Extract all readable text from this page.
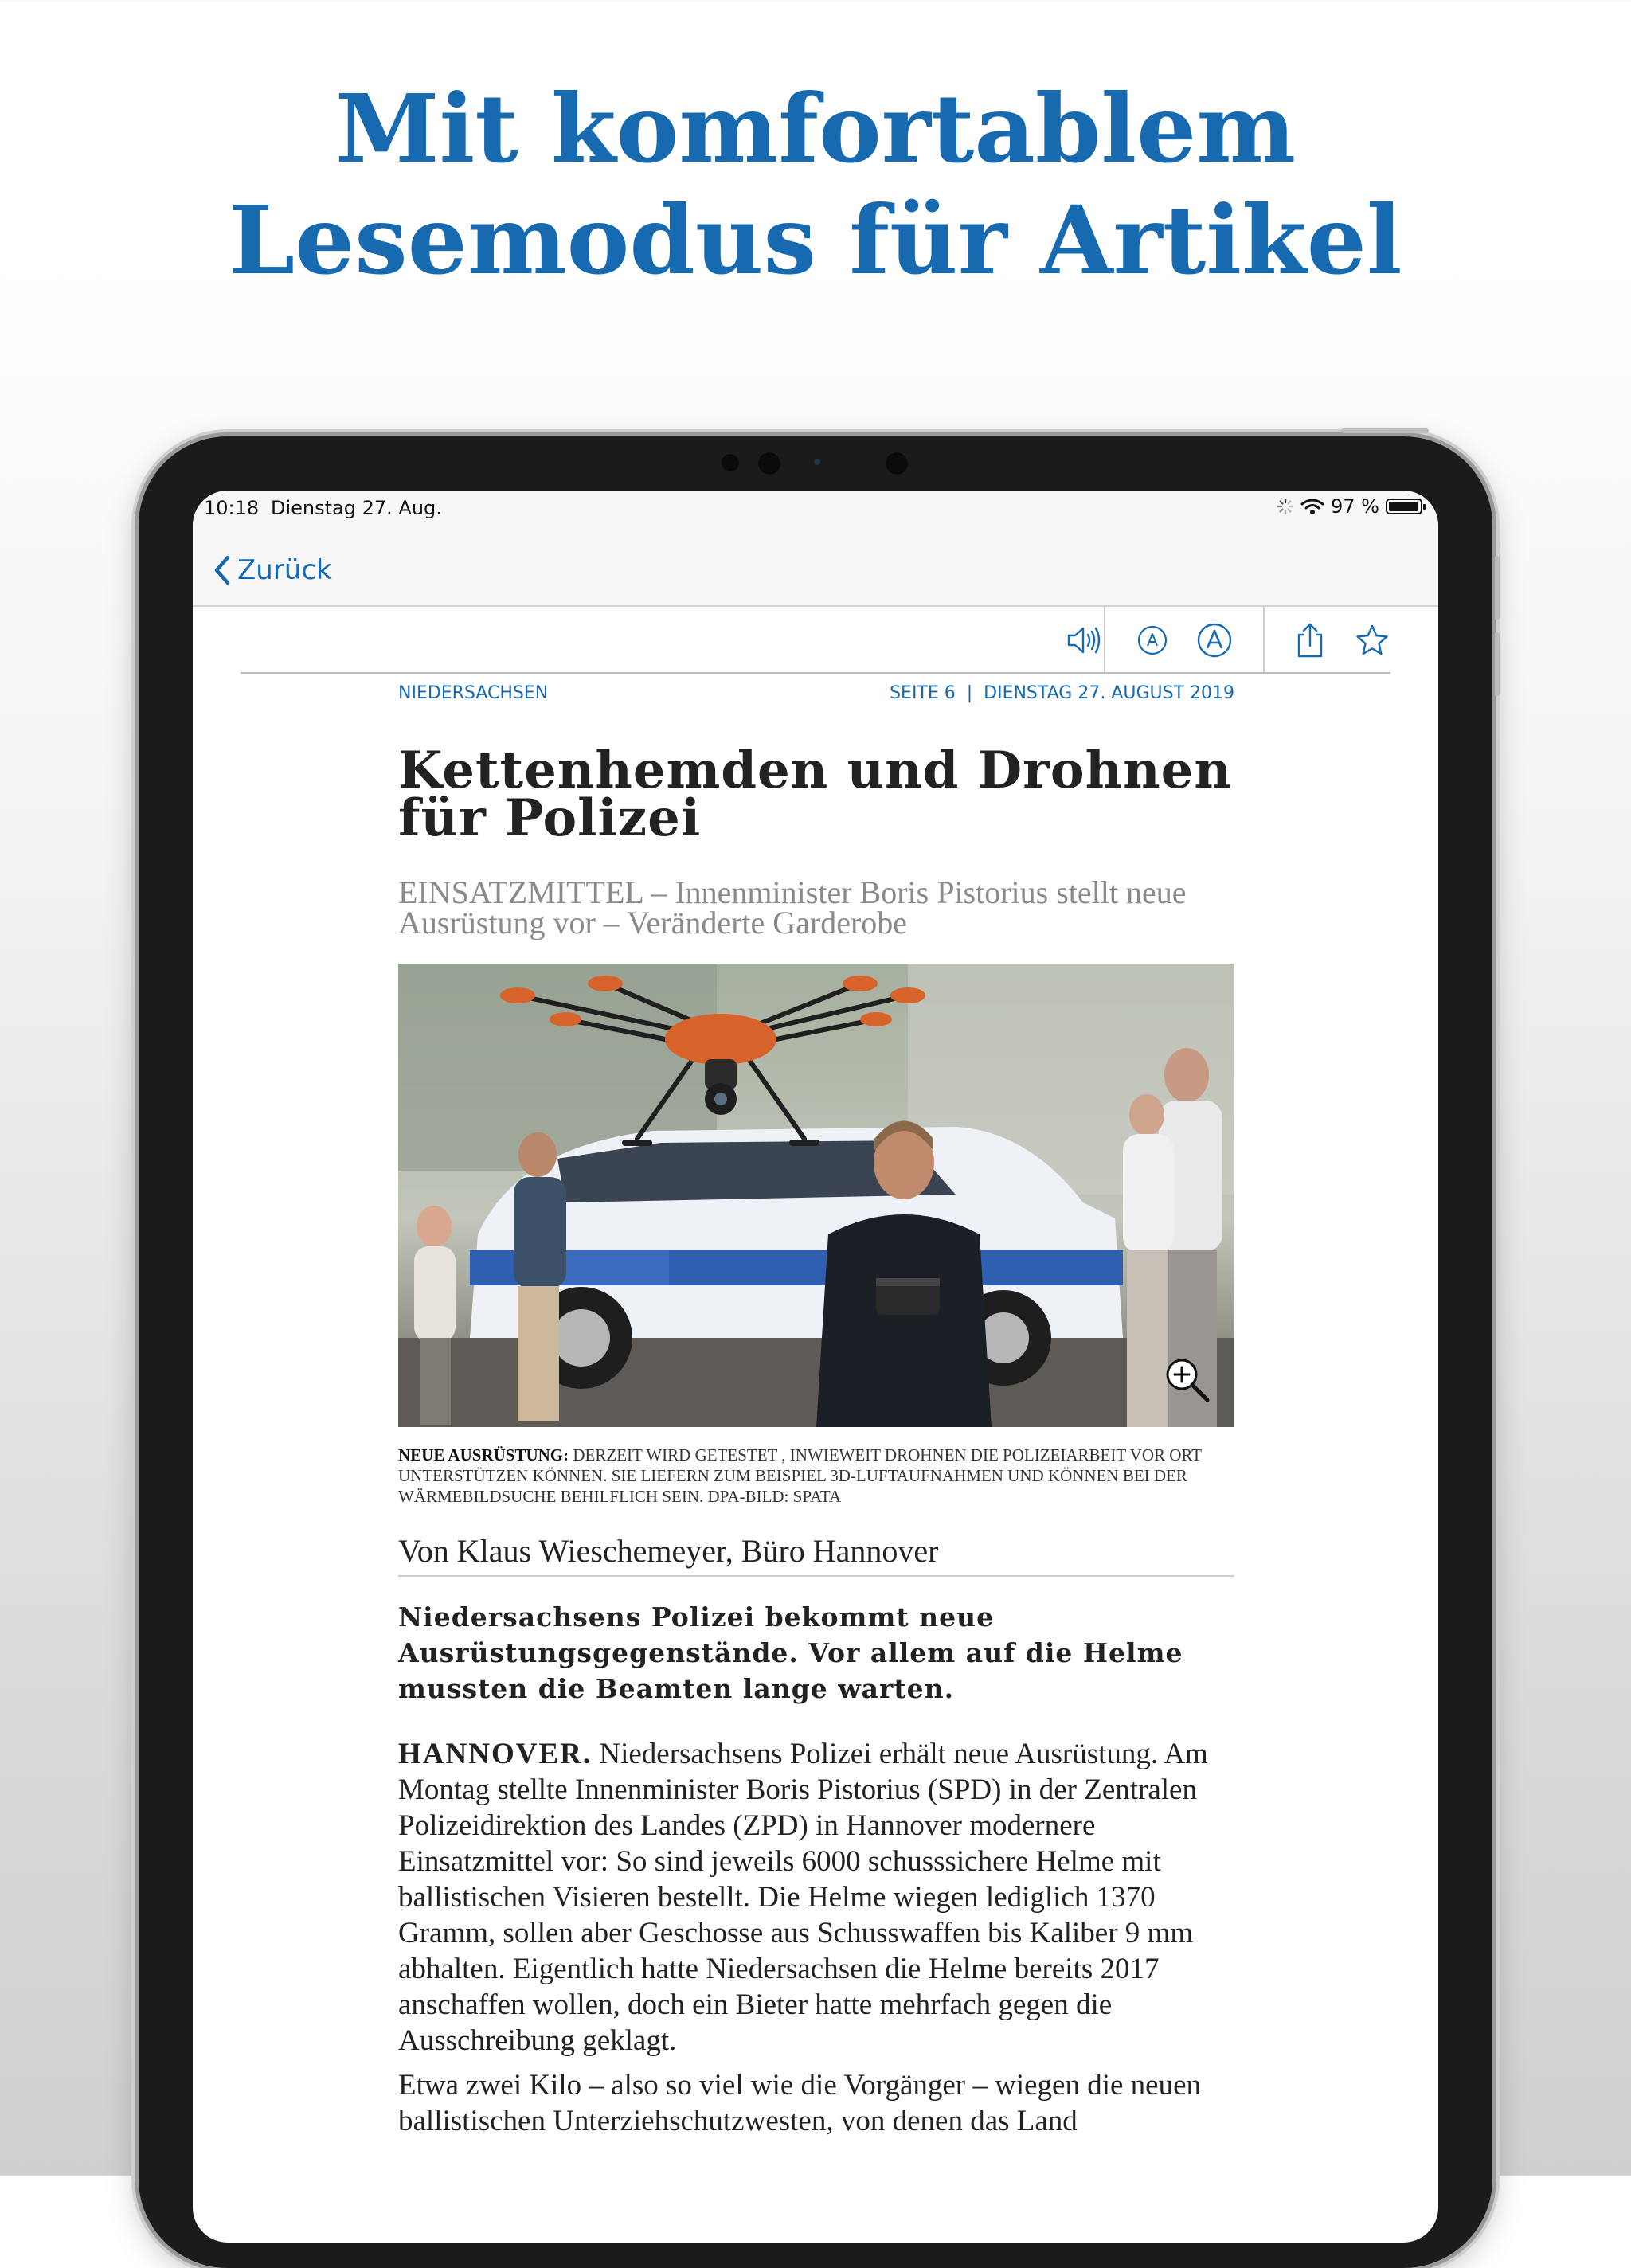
Mit komfortablem
Lesemodus für Artikel
10:18 Dienstag 27. Aug.	97 %
Zurück
NIEDERSACHSEN	SEITE 6  |  DIENSTAG 27. AUGUST 2019
Kettenhemden und Drohnen für Polizei

EINSATZMITTEL – Innenminister Boris Pistorius stellt neue Ausrüstung vor – Veränderte Garderobe

NEUE AUSRÜSTUNG: DERZEIT WIRD GETESTET , INWIEWEIT DROHNEN DIE POLIZEIARBEIT VOR ORT UNTERSTÜTZEN KÖNNEN. SIE LIEFERN ZUM BEISPIEL 3D-LUFTAUFNAHMEN UND KÖNNEN BEI DER WÄRMEBILDSUCHE BEHILFLICH SEIN. DPA-BILD: SPATA

Von Klaus Wieschemeyer, Büro Hannover

Niedersachsens Polizei bekommt neue Ausrüstungsgegenstände. Vor allem auf die Helme mussten die Beamten lange warten.

HANNOVER. Niedersachsens Polizei erhält neue Ausrüstung. Am Montag stellte Innenminister Boris Pistorius (SPD) in der Zentralen Polizeidirektion des Landes (ZPD) in Hannover modernere Einsatzmittel vor: So sind jeweils 6000 schusssichere Helme mit ballistischen Visieren bestellt. Die Helme wiegen lediglich 1370 Gramm, sollen aber Geschosse aus Schusswaffen bis Kaliber 9 mm abhalten. Eigentlich hatte Niedersachsen die Helme bereits 2017 anschaffen wollen, doch ein Bieter hatte mehrfach gegen die Ausschreibung geklagt.

Etwa zwei Kilo – also so viel wie die Vorgänger – wiegen die neuen ballistischen Unterziehschutzwesten, von denen das Land
